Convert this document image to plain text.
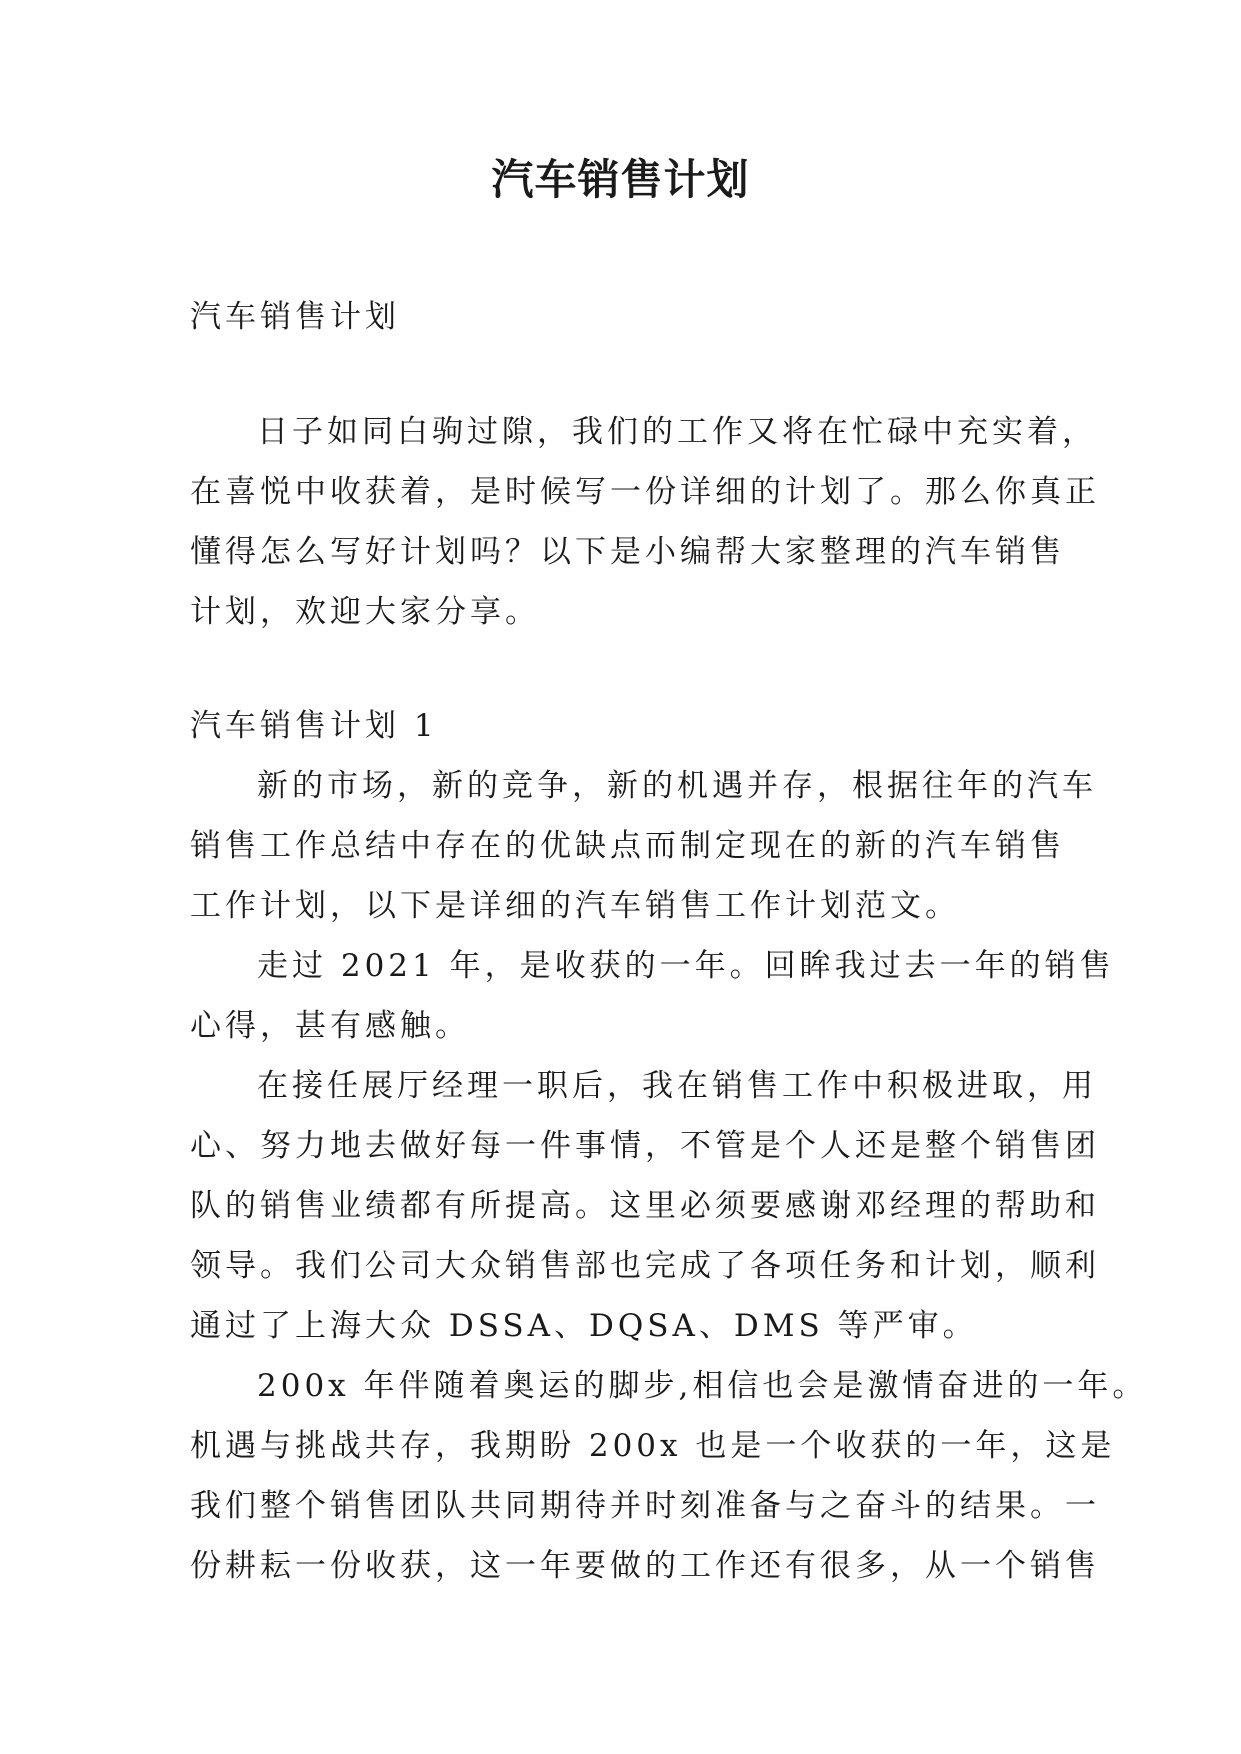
汽车销售计划

汽车销售计划

日子如同白驹过隙，我们的工作又将在忙碌中充实着，

在喜悦中收获着，是时候写一份详细的计划了。那么你真正

懂得怎么写好计划吗？以下是小编帮大家整理的汽车销售

计划，欢迎大家分享。

汽车销售计划 1

新的市场，新的竞争，新的机遇并存，根据往年的汽车

销售工作总结中存在的优缺点而制定现在的新的汽车销售

工作计划，以下是详细的汽车销售工作计划范文。

走过 2021 年，是收获的一年。回眸我过去一年的销售

心得，甚有感触。

在接任展厅经理一职后，我在销售工作中积极进取，用

心、努力地去做好每一件事情，不管是个人还是整个销售团

队的销售业绩都有所提高。这里必须要感谢邓经理的帮助和

领导。我们公司大众销售部也完成了各项任务和计划，顺利

通过了上海大众 DSSA、DQSA、DMS 等严审。

200x 年伴随着奥运的脚步,相信也会是激情奋进的一年。

机遇与挑战共存，我期盼 200x 也是一个收获的一年，这是

我们整个销售团队共同期待并时刻准备与之奋斗的结果。一

份耕耘一份收获，这一年要做的工作还有很多，从一个销售
